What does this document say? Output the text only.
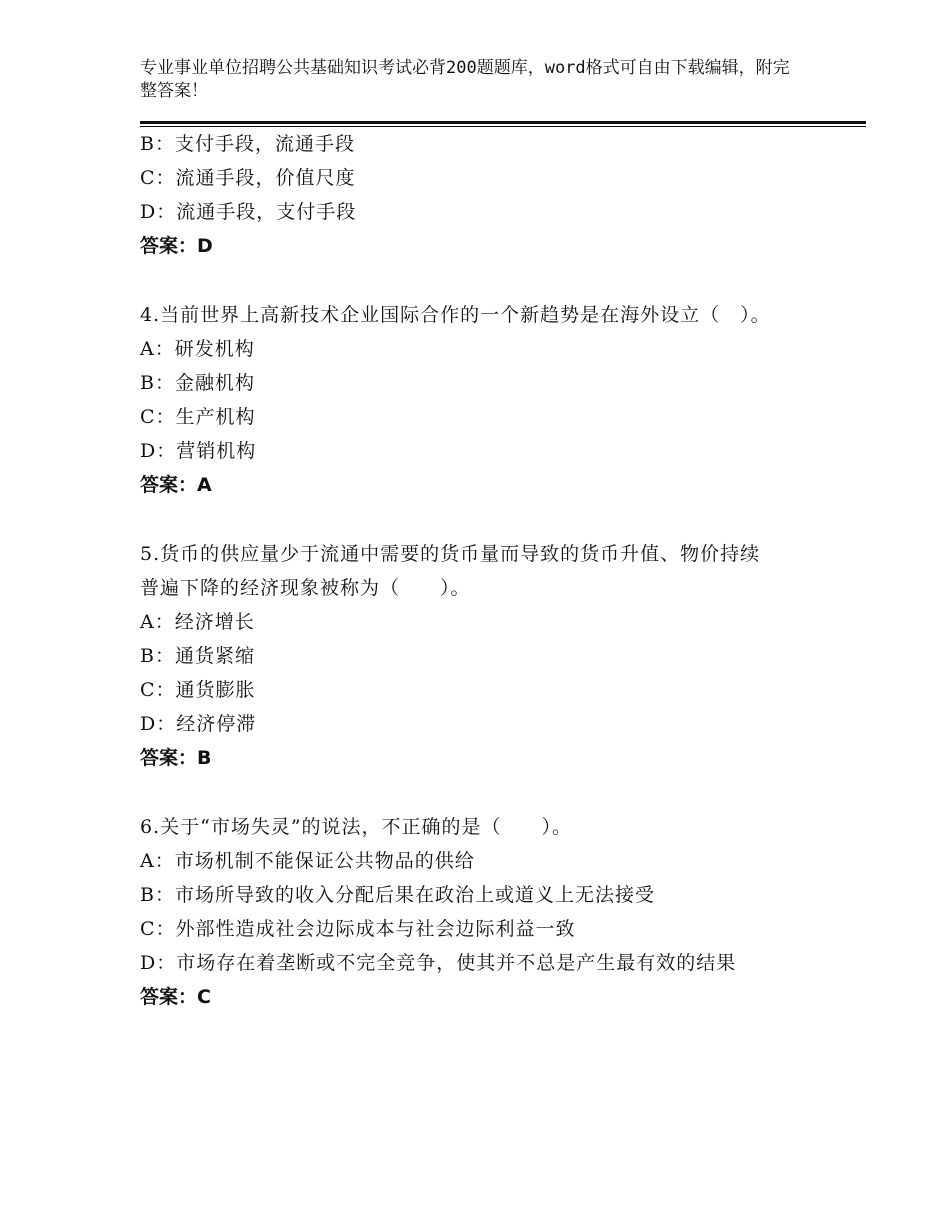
专业事业单位招聘公共基础知识考试必背200题题库，word格式可自由下载编辑，附完整答案！
B：支付手段，流通手段
C：流通手段，价值尺度
D：流通手段，支付手段
答案：D
4.当前世界上高新技术企业国际合作的一个新趋势是在海外设立（　）。
A：研发机构
B：金融机构
C：生产机构
D：营销机构
答案：A
5.货币的供应量少于流通中需要的货币量而导致的货币升值、物价持续普遍下降的经济现象被称为（　　）。
A：经济增长
B：通货紧缩
C：通货膨胀
D：经济停滞
答案：B
6.关于“市场失灵”的说法，不正确的是（　　）。
A：市场机制不能保证公共物品的供给
B：市场所导致的收入分配后果在政治上或道义上无法接受
C：外部性造成社会边际成本与社会边际利益一致
D：市场存在着垄断或不完全竞争，使其并不总是产生最有效的结果
答案：C
